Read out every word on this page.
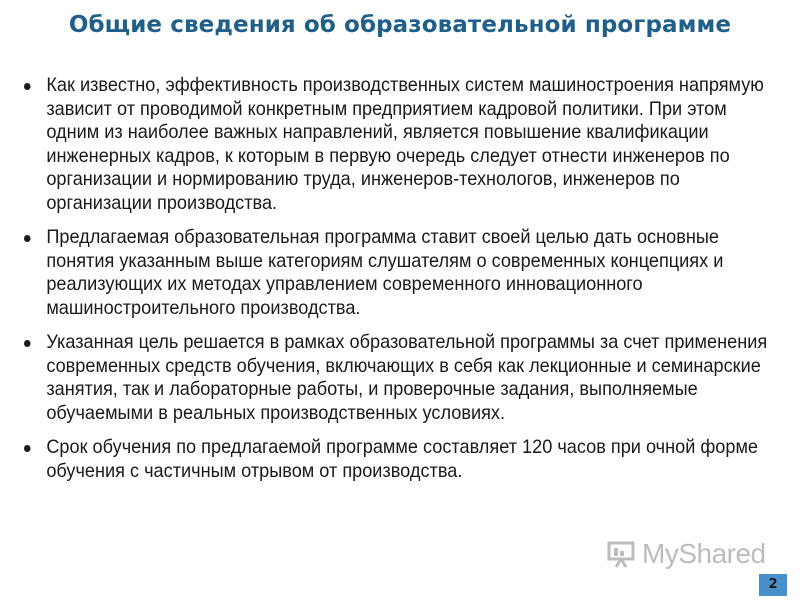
Общие сведения об образовательной программе
Как известно, эффективность производственных систем машиностроения напрямую зависит от проводимой конкретным предприятием кадровой политики. При этом одним из наиболее важных направлений, является повышение квалификации инженерных кадров, к которым в первую очередь следует отнести инженеров по организации и нормированию труда, инженеров-технологов, инженеров по организации производства.
Предлагаемая образовательная программа ставит своей целью дать основные понятия указанным выше категориям слушателям о современных концепциях и реализующих их методах управлением современного инновационного машиностроительного производства.
Указанная цель решается в рамках образовательной программы за счет применения современных средств обучения, включающих в себя как лекционные и семинарские занятия, так и лабораторные работы, и проверочные задания, выполняемые обучаемыми в реальных производственных условиях.
Срок обучения по предлагаемой программе составляет 120 часов при очной форме обучения с частичным отрывом от производства.
MyShared
2
